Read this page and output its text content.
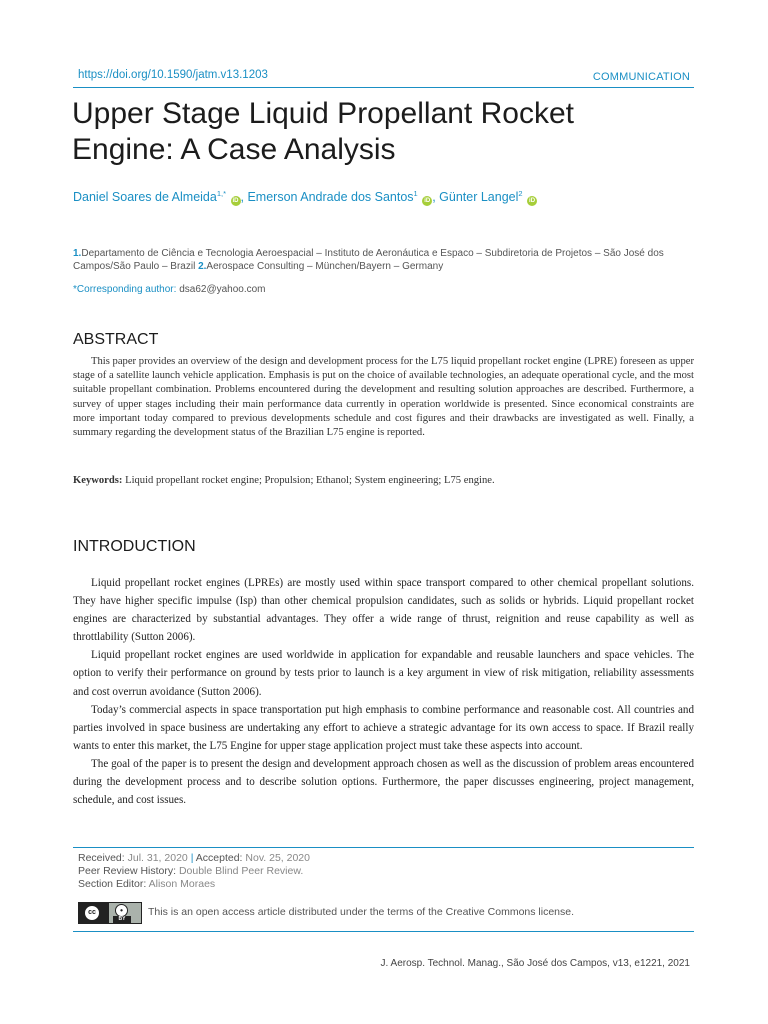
https://doi.org/10.1590/jatm.v13.1203	COMMUNICATION
Upper Stage Liquid Propellant Rocket Engine: A Case Analysis
Daniel Soares de Almeida$^{1,*}$ iD , Emerson Andrade dos Santos$^1$ iD , Günter Langel$^2$ iD
1.Departamento de Ciência e Tecnologia Aeroespacial – Instituto de Aeronáutica e Espaco – Subdiretoria de Projetos – São José dos Campos/São Paulo – Brazil 2.Aerospace Consulting – München/Bayern – Germany
*Corresponding author: dsa62@yahoo.com
ABSTRACT

This paper provides an overview of the design and development process for the L75 liquid propellant rocket engine (LPRE) foreseen as upper stage of a satellite launch vehicle application. Emphasis is put on the choice of available technologies, an adequate operational cycle, and the most suitable propellant combination. Problems encountered during the development and resulting solution approaches are described. Furthermore, a survey of upper stages including their main performance data currently in operation worldwide is presented. Since economical constraints are more important today compared to previous developments schedule and cost figures and their drawbacks are investigated as well. Finally, a summary regarding the development status of the Brazilian L75 engine is reported.

Keywords: Liquid propellant rocket engine; Propulsion; Ethanol; System engineering; L75 engine.
INTRODUCTION

Liquid propellant rocket engines (LPREs) are mostly used within space transport compared to other chemical propellant solutions. They have higher specific impulse (Isp) than other chemical propulsion candidates, such as solids or hybrids. Liquid propellant rocket engines are characterized by substantial advantages. They offer a wide range of thrust, reignition and reuse capability as well as throttlability (Sutton 2006).

Liquid propellant rocket engines are used worldwide in application for expandable and reusable launchers and space vehicles. The option to verify their performance on ground by tests prior to launch is a key argument in view of risk mitigation, reliability assessments and cost overrun avoidance (Sutton 2006).

Today’s commercial aspects in space transportation put high emphasis to combine performance and reasonable cost. All countries and parties involved in space business are undertaking any effort to achieve a strategic advantage for its own access to space. If Brazil really wants to enter this market, the L75 Engine for upper stage application project must take these aspects into account.

The goal of the paper is to present the design and development approach chosen as well as the discussion of problem areas encountered during the development process and to describe solution options. Furthermore, the paper discusses engineering, project management, schedule, and cost issues.

Received: Jul. 31, 2020 | Accepted: Nov. 25, 2020
Peer Review History: Double Blind Peer Review.
Section Editor: Alison Moraes
cc	•
BY
This is an open access article distributed under the terms of the Creative Commons license.
J. Aerosp. Technol. Manag., São José dos Campos, v13, e1221, 2021
